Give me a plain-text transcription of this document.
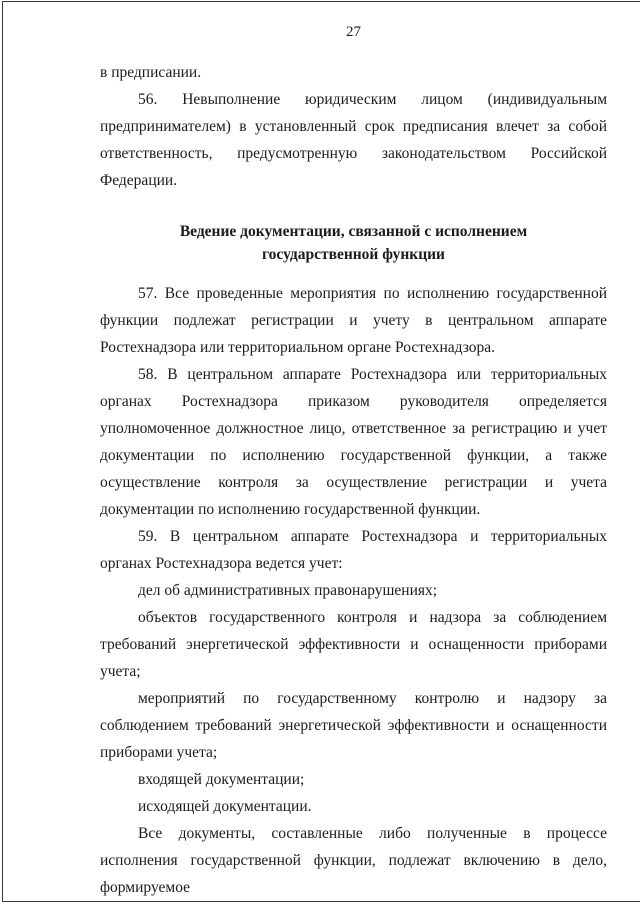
27

в предписании.

56. Невыполнение юридическим лицом (индивидуальным предпринимателем) в установленный срок предписания влечет за собой ответственность, предусмотренную законодательством Российской Федерации.

Ведение документации, связанной с исполнением государственной функции

57. Все проведенные мероприятия по исполнению государственной функции подлежат регистрации и учету в центральном аппарате Ростехнадзора или территориальном органе Ростехнадзора.

58. В центральном аппарате Ростехнадзора или территориальных органах Ростехнадзора приказом руководителя определяется уполномоченное должностное лицо, ответственное за регистрацию и учет документации по исполнению государственной функции, а также осуществление контроля за осуществление регистрации и учета документации по исполнению государственной функции.

59. В центральном аппарате Ростехнадзора и территориальных органах Ростехнадзора ведется учет:

дел об административных правонарушениях;

объектов государственного контроля и надзора за соблюдением требований энергетической эффективности и оснащенности приборами учета;

мероприятий по государственному контролю и надзору за соблюдением требований энергетической эффективности и оснащенности приборами учета;

входящей документации;

исходящей документации.

Все документы, составленные либо полученные в процессе исполнения государственной функции, подлежат включению в дело, формируемое
